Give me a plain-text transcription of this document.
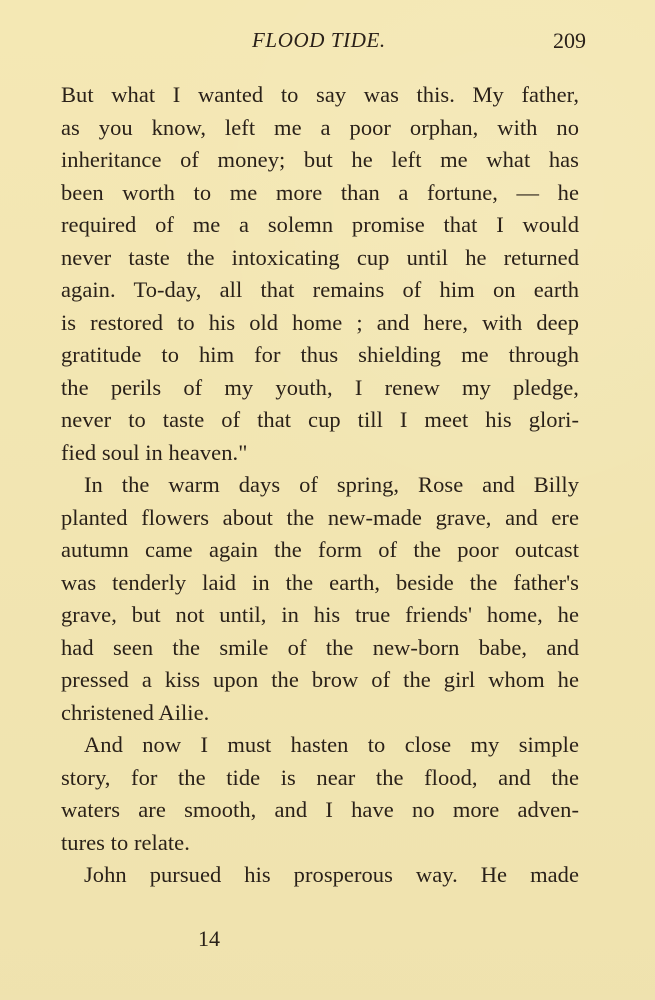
FLOOD TIDE.	209
But what I wanted to say was this. My father,
as you know, left me a poor orphan, with no
inheritance of money; but he left me what has
been worth to me more than a fortune, — he
required of me a solemn promise that I would
never taste the intoxicating cup until he returned
again. To-day, all that remains of him on earth
is restored to his old home ; and here, with deep
gratitude to him for thus shielding me through
the perils of my youth, I renew my pledge,
never to taste of that cup till I meet his glori-
fied soul in heaven."
In the warm days of spring, Rose and Billy
planted flowers about the new-made grave, and ere
autumn came again the form of the poor outcast
was tenderly laid in the earth, beside the father's
grave, but not until, in his true friends' home, he
had seen the smile of the new-born babe, and
pressed a kiss upon the brow of the girl whom he
christened Ailie.
And now I must hasten to close my simple
story, for the tide is near the flood, and the
waters are smooth, and I have no more adven-
tures to relate.
John pursued his prosperous way. He made
14
